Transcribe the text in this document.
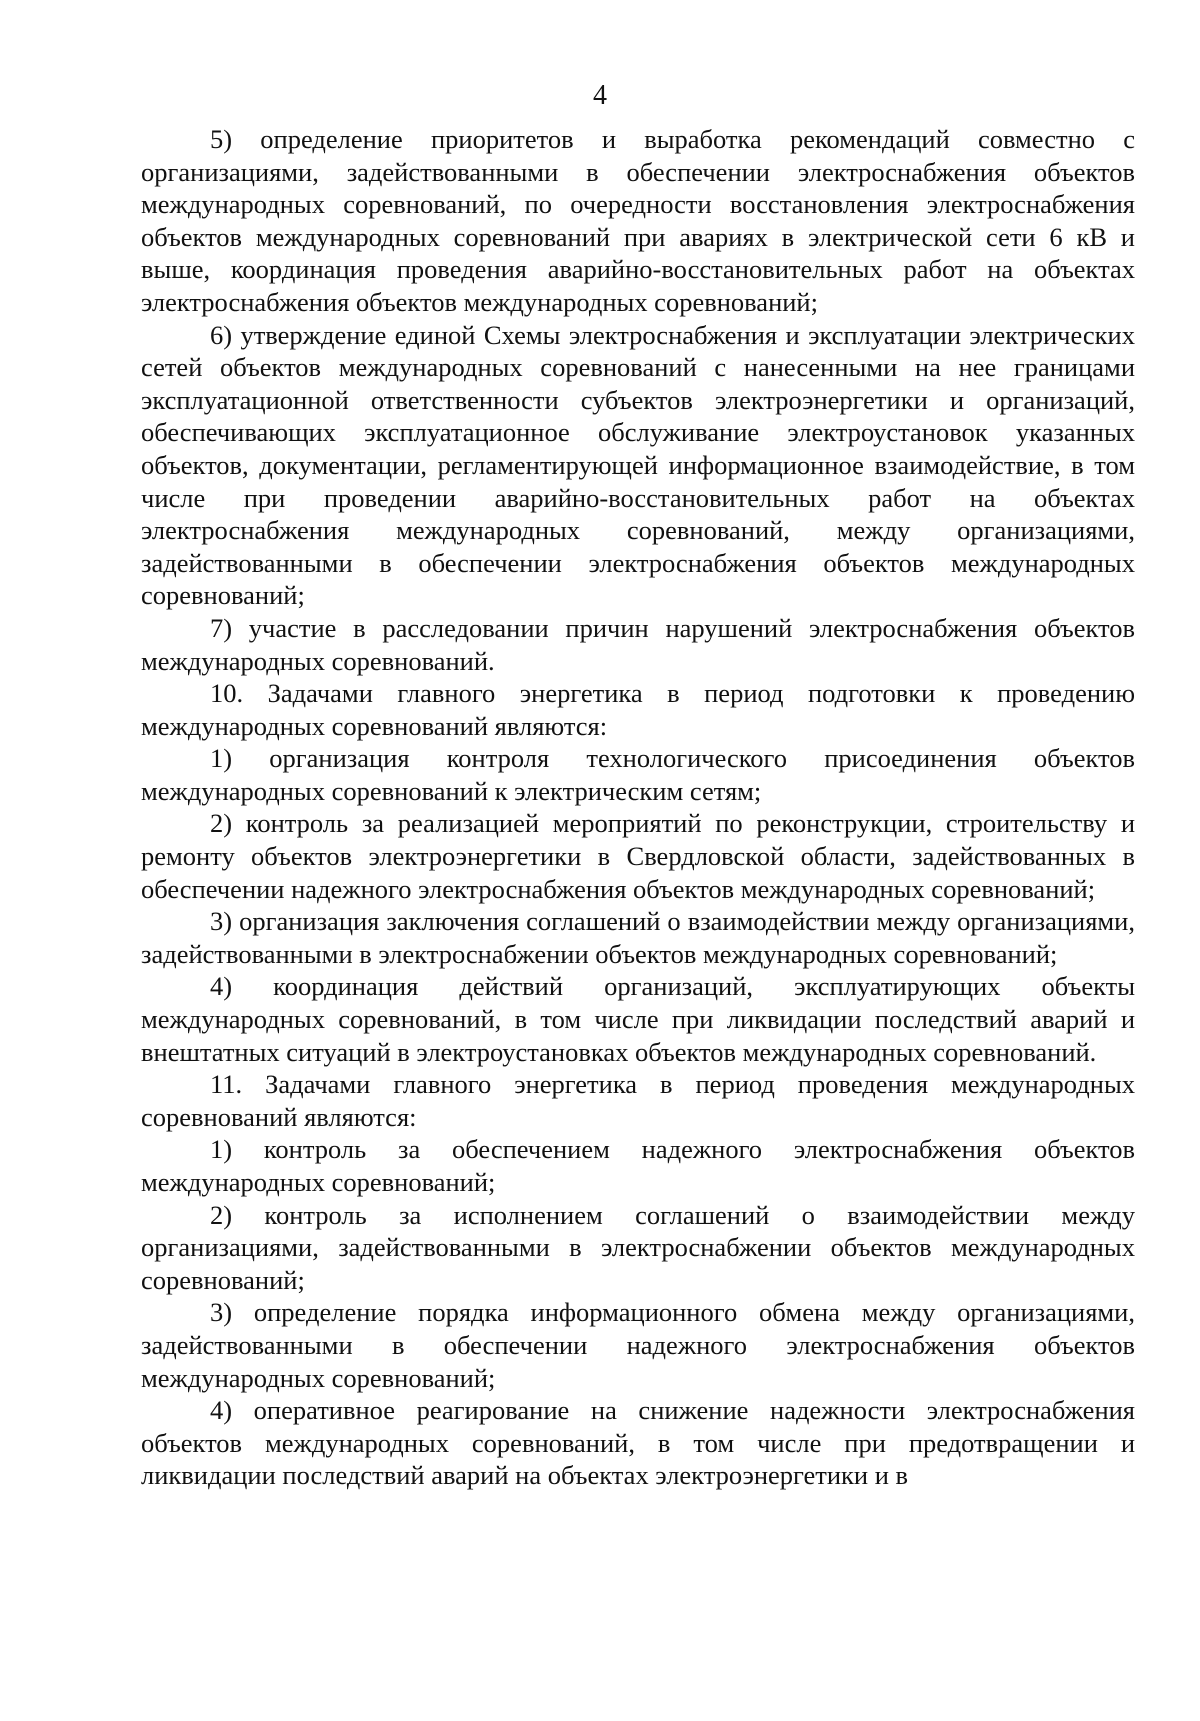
4

5) определение приоритетов и выработка рекомендаций совместно с организациями, задействованными в обеспечении электроснабжения объектов международных соревнований, по очередности восстановления электроснабжения объектов международных соревнований при авариях в электрической сети 6 кВ и выше, координация проведения аварийно-восстановительных работ на объектах электроснабжения объектов международных соревнований;

6) утверждение единой Схемы электроснабжения и эксплуатации электрических сетей объектов международных соревнований с нанесенными на нее границами эксплуатационной ответственности субъектов электроэнергетики и организаций, обеспечивающих эксплуатационное обслуживание электроустановок указанных объектов, документации, регламентирующей информационное взаимодействие, в том числе при проведении аварийно-восстановительных работ на объектах электроснабжения международных соревнований, между организациями, задействованными в обеспечении электроснабжения объектов международных соревнований;

7) участие в расследовании причин нарушений электроснабжения объектов международных соревнований.

10. Задачами главного энергетика в период подготовки к проведению международных соревнований являются:

1) организация контроля технологического присоединения объектов международных соревнований к электрическим сетям;

2) контроль за реализацией мероприятий по реконструкции, строительству и ремонту объектов электроэнергетики в Свердловской области, задействованных в обеспечении надежного электроснабжения объектов международных соревнований;

3) организация заключения соглашений о взаимодействии между организациями, задействованными в электроснабжении объектов международных соревнований;

4) координация действий организаций, эксплуатирующих объекты международных соревнований, в том числе при ликвидации последствий аварий и внештатных ситуаций в электроустановках объектов международных соревнований.

11. Задачами главного энергетика в период проведения международных соревнований являются:

1) контроль за обеспечением надежного электроснабжения объектов международных соревнований;

2) контроль за исполнением соглашений о взаимодействии между организациями, задействованными в электроснабжении объектов международных соревнований;

3) определение порядка информационного обмена между организациями, задействованными в обеспечении надежного электроснабжения объектов международных соревнований;

4) оперативное реагирование на снижение надежности электроснабжения объектов международных соревнований, в том числе при предотвращении и ликвидации последствий аварий на объектах электроэнергетики и в
